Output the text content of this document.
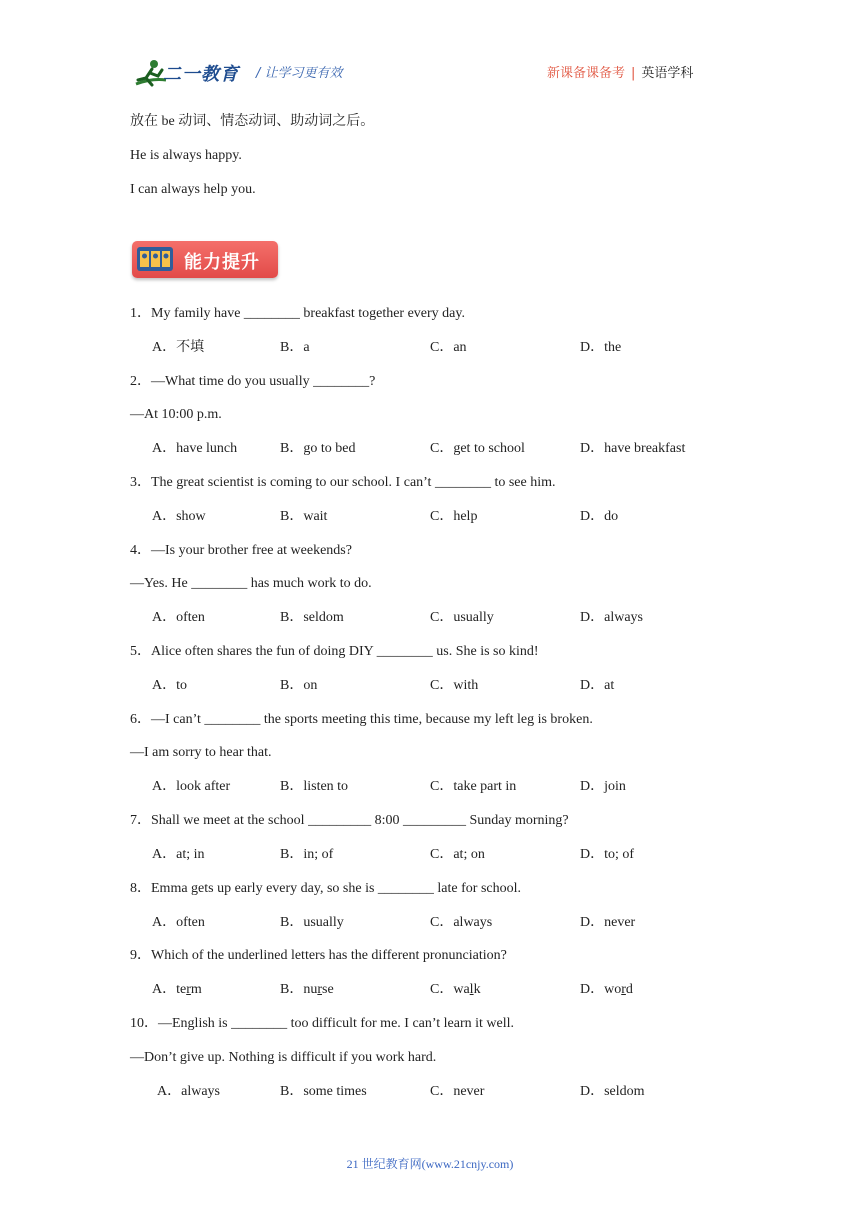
二一教育 / 让学习更有效	新课备课备考 | 英语学科
放在 be 动词、情态动词、助动词之后。
He is always happy.
I can always help you.
能力提升
1．My family have ________ breakfast together every day.
A．不填	B．a	C．an	D．the
2．—What time do you usually ________?
—At 10:00 p.m.
A．have lunch	B．go to bed	C．get to school	D．have breakfast
3．The great scientist is coming to our school. I can’t ________ to see him.
A．show	B．wait	C．help	D．do
4．—Is your brother free at weekends?
—Yes. He ________ has much work to do.
A．often	B．seldom	C．usually	D．always
5．Alice often shares the fun of doing DIY ________ us. She is so kind!
A．to	B．on	C．with	D．at
6．—I can’t ________ the sports meeting this time, because my left leg is broken.
—I am sorry to hear that.
A．look after	B．listen to	C．take part in	D．join
7．Shall we meet at the school _________ 8:00 _________ Sunday morning?
A．at; in	B．in; of	C．at; on	D．to; of
8．Emma gets up early every day, so she is ________ late for school.
A．often	B．usually	C．always	D．never
9．Which of the underlined letters has the different pronunciation?
A．term	B．nurse	C．walk	D．word
10．—English is ________ too difficult for me. I can’t learn it well.
—Don’t give up. Nothing is difficult if you work hard.
A．always	B．some times	C．never	D．seldom
21 世纪教育网(www.21cnjy.com)
